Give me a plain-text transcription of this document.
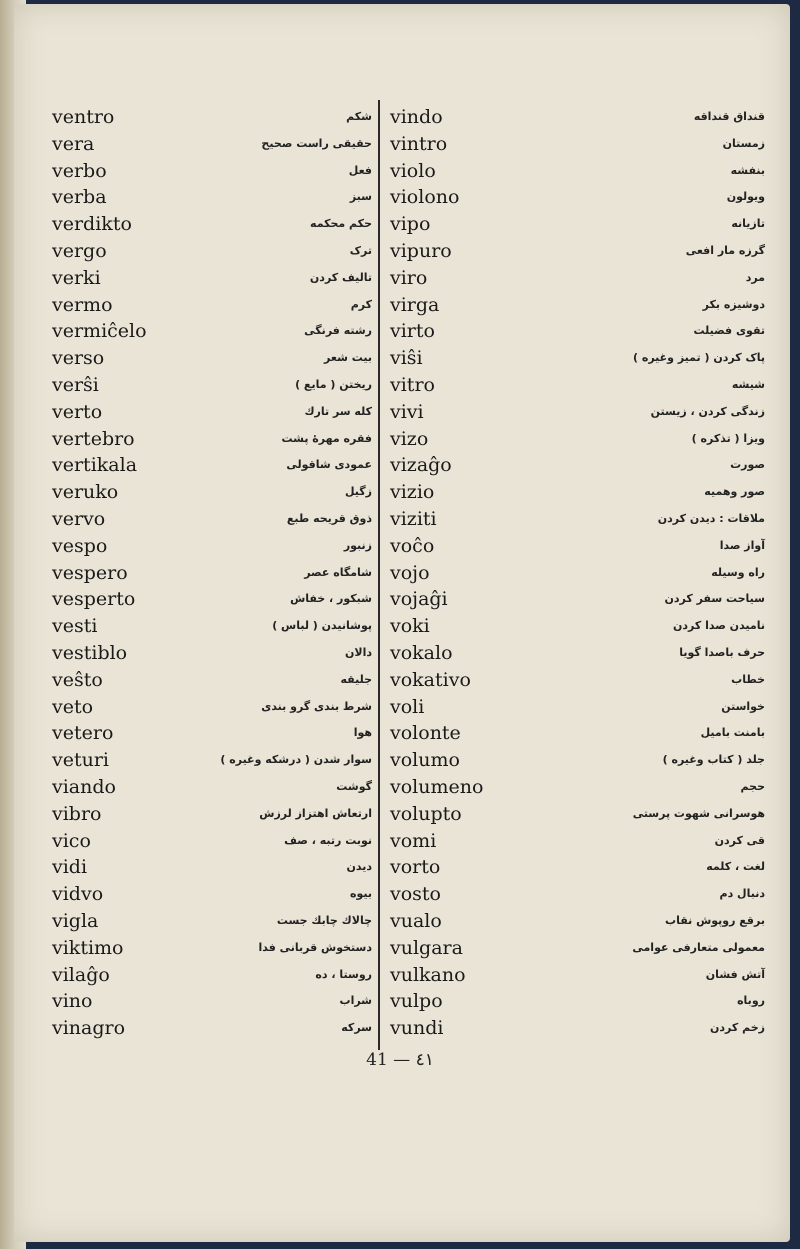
ventro
vera
verbo
verba
verdikto
vergo
verki
vermo
vermiĉelo
verso
verŝi
verto
vertebro
vertikala
veruko
vervo
vespo
vespero
vesperto
vesti
vestiblo
veŝto
veto
vetero
veturi
viando
vibro
vico
vidi
vidvo
vigla
viktimo
vilaĝo
vino
vinagro
شکم
حقیقی راست صحیح
فعل
سبز
حکم محکمه
ترک
تالیف کردن
کرم
رشته فرنگی
بیت شعر
ریختن ( مایع )
کله سر تارك
فقره مهرهٔ پشت
عمودی شاقولی
زگیل
ذوق قریحه طبع
زنبور
شامگاه عصر
شبکور ، خفاش
پوشانیدن ( لباس )
دالان
جلیقه
شرط بندی گرو بندی
هوا
سوار شدن ( درشکه وغیره )
گوشت
ارتعاش اهتزاز لرزش
نوبت رتبه ، صف
دیدن
بیوه
چالاك چابك جست
دستخوش قربانی فدا
روستا ، ده
شراب
سرکه
vindo
vintro
violo
violono
vipo
vipuro
viro
virga
virto
viŝi
vitro
vivi
vizo
vizaĝo
vizio
viziti
voĉo
vojo
vojaĝi
voki
vokalo
vokativo
voli
volonte
volumo
volumeno
volupto
vomi
vorto
vosto
vualo
vulgara
vulkano
vulpo
vundi
قنداق قنداقه
زمستان
بنفشه
ویولون
تازیانه
گرزه مار افعی
مرد
دوشیزه بکر
تقوی فضیلت
پاک کردن ( تمیز وغیره )
شیشه
زندگی کردن ، زیستن
ویزا ( تذکره )
صورت
صور وهمیه
ملاقات : دیدن کردن
آواز صدا
راه وسیله
سیاحت سفر کردن
نامیدن صدا کردن
حرف باصدا گویا
خطاب
خواستن
بامنت بامیل
جلد ( کتاب وغیره )
حجم
هوسرانی شهوت پرستی
قی کردن
لغت ، کلمه
دنبال دم
برقع روپوش نقاب
معمولی متعارفی عوامی
آتش فشان
روباه
زخم کردن
41 — ٤١
